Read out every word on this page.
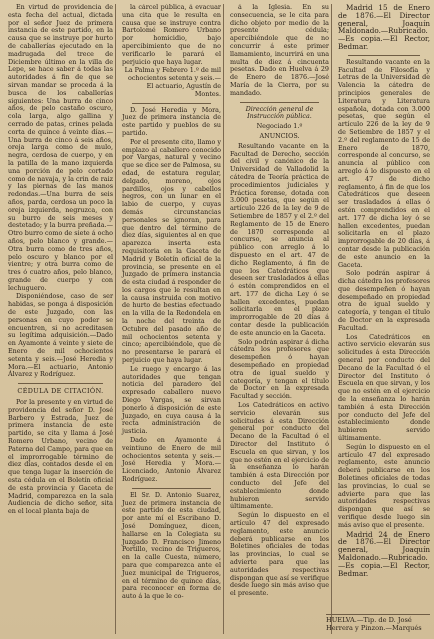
En virtud de providencia de esta fecha del actual, dictada por el señor Juez de primera instancia de este partido, en la causa que se instruye por hurto de caballerías ejecutado en la madrugada del trece de Diciembre último en la villa de Lepe, se hace saber á todas las autoridades á fin de que se sirvan mandar se proceda á la busca de los caballerías siguientes: Una burra de cinco años, de pelo castaño oscuro, cola larga, algo gallina y cerrado de patas, crines pelada corta de quince á veinte días.—Una burra de cinco á seis años, oreja larga como de mulo, negra, cerdosa de cuerpo, y en la patilla de la mano izquierda una porción de pelo cortado como de navaja, y la crin de raiz y las piernas de las manos redondas.—Una burra de seis años, parda, cerdosa un poco la oreja izquierda, negruzca, con su burro de seis meses y destetado; y la burra preñada.—Otro burro como de siete á ocho años, pelo blanco y grande.—Otra burra como de tres años, pelo oscuro y blanco por el vientre; y otra burra como de tres ó cuatro años, pelo blanco, grande de cuerpo y con lechuguero.

Disponiéndose, caso de ser habidas, se ponga á disposición de este Juzgado, con las personas en cuyo poder se encuentren, si no acreditasen su legítima adquisición.—Dado en Ayamonte á veinte y siete de Enero de mil ochocientos setenta y seis.—José Heredia y Mora.—El actuario, Antonio Álvarez y Rodríguez.

CÉDULA DE CITACIÓN.

Por la presente y en virtud de providencia del señor D. José Barbero y Estrada, Juez de primera instancia de este partido, se cita y llama á José Romero Urbano, vecino de Paterna del Campo, para que en el improrrogable término de diez días, contados desde el en que tenga lugar la inserción de esta cédula en el Boletín oficial de esta provincia y Gaceta de Madrid, comparezca en la sala Audiencia de dicho señor, sita en el local planta baja de

la cárcel pública, á evacuar una cita que le resulta en causa que se instruye contra Bartolomé Romero Urbano por homicidio, bajo apercibimiento que de no verificarlo le parará el perjuicio que haya lugar.

La Palma y Febrero 1.º de mil ochocientos setenta y seis.—El actuario, Agustín de Montes.

D. José Heredia y Mora, Juez de primera instancia de este partido y pueblos de su partido.

Por el presente cito, llamo y emplazo al caballero conocido por Vargas, natural y vecino que se dice ser de Palmosa, su edad, de estatura regular, delgado, moreno, ojos pardillos, ojos y cabellos negros, con un lunar en el labio de cuerpo, y cuyas demás circunstancias personales se ignoran, para que dentro del término de diez días, siguientes al en que aparezca inserta esta requisitoria en la Gaceta de Madrid y Boletín oficial de la provincia, se presente en el Juzgado de primera instancia de esta ciudad á responder de los cargos que le resultan en la causa instruida con motivo de hurto de bestias efectuado en la villa de la Redondela en la noche del treinta de Octubre del pasado año de mil ochocientos setenta y cinco; apercibiéndole, que de no presentarse le parará el perjuicio que haya lugar.

Le ruego y encargo á las autoridades que tengan noticia del paradero del expresado caballero nuevo Diego Vargas, se sirvan ponerlo á disposición de este Juzgado, en cuya causa á la recta administración de justicia.

Dado en Ayamonte á veintiuno de Enero de mil ochocientos setenta y seis.—José Heredia y Mora.—Licenciado, Antonio Álvarez Rodríguez.

El Sr. D. Antonio Suarez, Juez de primera instancia de este partido de esta ciudad, por ante mí el Escribano D. José Domínguez, dicen, hallarse en la Colegiata su Juzgado D. Francisco Jimeno Portillo, vecino de Trigueros, en la calle Cuesta, número, para que comparezca ante el Juez municipal de Trigueros, en el término de quince días, para reconocer en forma de auto á la que le co-

á la Iglesia. En su consecuencia, se le cita para dicho objeto por medio de la presente cédula; apercibiéndole que de no concurrir á este primer llamamiento, incurrirá en una multa de diez á cincuenta pesetas. Dado en Huelva á 29 de Enero de 1876.—José María de la Cierra, por su mandado.

Dirección general de Instrucción pública.

Negociado 1.º

ANUNCIOS.

Resultando vacante en la Facultad de Derecho, sección del civil y canónico de la Universidad de Valladolid la cátedra de Teoría práctica de procedimientos judiciales y Práctica forense, dotada con 3.000 pesetas, que según el artículo 226 de la ley de 9 de Setiembre de 1857 y el 2.º del Reglamento de 15 de Enero de 1870 corresponde al concurso, se anuncia al público con arreglo á lo dispuesto en el art. 47 de dicho Reglamento, á fin de que los Catedráticos que deseen ser trasladados á ellas ó estén comprendidos en el art. 177 de dicha Ley ó se hallen excedentes, puedan solicitarla en el plazo improrrogable de 20 días á contar desde la publicación de este anuncio en la Gaceta.

Solo podrán aspirar á dicha cátedra los profesores que desempeñen ó hayan desempeñado en propiedad otra de igual sueldo y categoría, y tengan el título de Doctor en la expresada Facultad y sección.

Los Catedráticos en activo servicio elevarán sus solicitudes á esta Dirección general por conducto del Decano de la Facultad ó el Director del Instituto ó Escuela en que sirvan, y los que no estén en el ejercicio de la enseñanza lo harán también á esta Dirección por conducto del Jefe del establecimiento donde hubieron servido últimamente.

Según lo dispuesto en el artículo 47 del expresado reglamento, este anuncio deberá publicarse en los Boletines oficiales de todas las provincias, lo cual se advierte para que las autoridades respectivas dispongan que así se verifique desde luego sin más aviso que el presente.

Madrid 15 de Enero de 1876.—El Director general, Joaquín Maldonado.—Rubricado.—Es copia.—El Rector, Bedmar.

Resultando vacante en la Facultad de Filosofía y Letras de la Universidad de Valencia la cátedra de principios generales de Literatura y Literatura española, dotada con 3.000 pesetas, que según el artículo 226 de la ley de 9 de Setiembre de 1857 y el 2.º del reglamento de 15 de Enero de 1870, corresponde al concurso, se anuncia al público con arreglo á lo dispuesto en el art. 47 de dicho reglamento, á fin de que los Catedráticos que deseen ser trasladados á ellas ó estén comprendidos en el art. 177 de dicha ley ó se hallen excedentes, puedan solicitarla en el plazo improrrogable de 20 días, á contar desde la publicación de este anuncio en la Gaceta.

Solo podrán aspirar á dicha cátedra los profesores que desempeñen ó hayan desempeñado en propiedad otra de igual sueldo y categoría, y tengan el título de Doctor en la expresada Facultad.

Los Catedráticos en activo servicio elevarán sus solicitudes á esta Dirección general por conducto del Decano de la Facultad ó el Director del Instituto ó Escuela en que sirvan, y los que no estén en el ejercicio de la enseñanza lo harán también á esta Dirección por conducto del Jefe del establecimiento donde hubieren servido últimamente.

Según lo dispuesto en el artículo 47 del expresado reglamento, este anuncio deberá publicarse en los Boletines oficiales de todas las provincias, lo cual se advierte para que las autoridades respectivas dispongan que así se verifique desde luego sin más aviso que el presente.

Madrid 24 de Enero de 1876.—El Director general, Joaquín Maldonado.—Rubricado.—Es copia.—El Rector, Bedmar.

HUELVA.—Tip. de D. José Herrera y Pinzon.—Marqués
